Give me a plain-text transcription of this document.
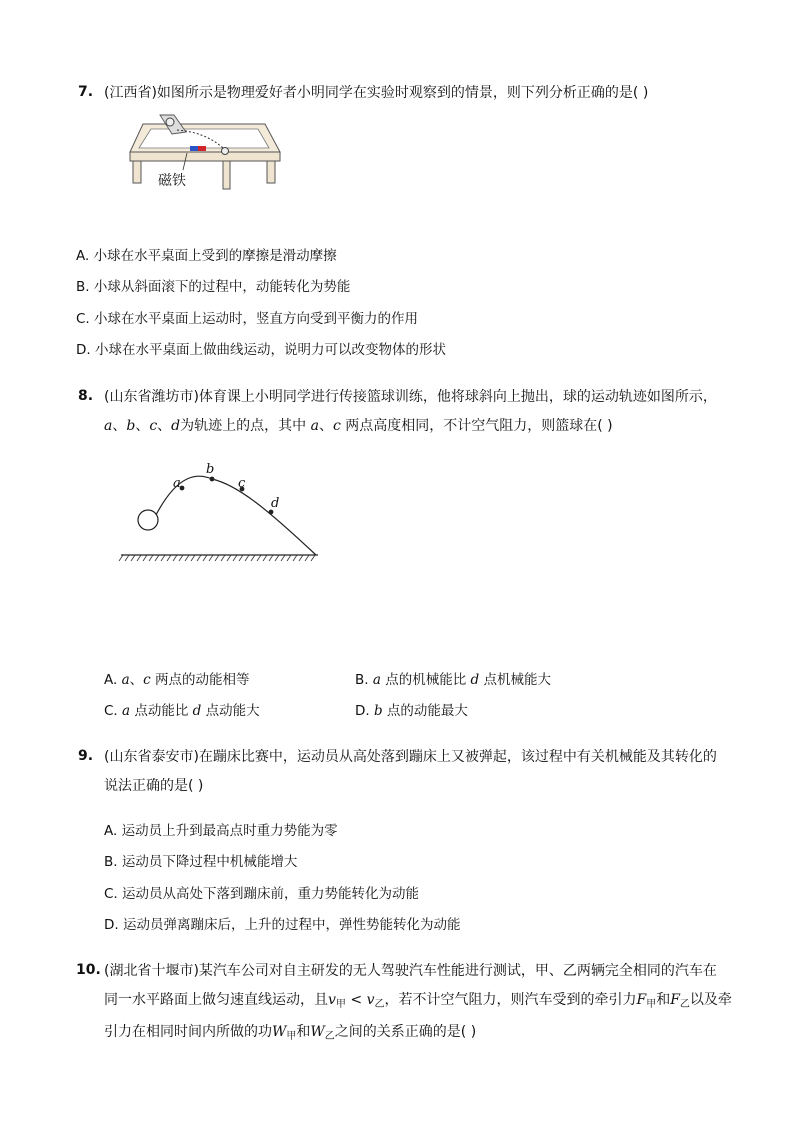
7. (江西省)如图所示是物理爱好者小明同学在实验时观察到的情景，则下列分析正确的是( )
磁铁
A. 小球在水平桌面上受到的摩擦是滑动摩擦
B. 小球从斜面滚下的过程中，动能转化为势能
C. 小球在水平桌面上运动时，竖直方向受到平衡力的作用
D. 小球在水平桌面上做曲线运动，说明力可以改变物体的形状
8. (山东省潍坊市)体育课上小明同学进行传接篮球训练，他将球斜向上抛出，球的运动轨迹如图所示，
a、b、c、d为轨迹上的点，其中 a、c 两点高度相同，不计空气阻力，则篮球在( )
a
b
c
d
A. a、c 两点的动能相等	B. a 点的机械能比 d 点机械能大
C. a 点动能比 d 点动能大	D. b 点的动能最大
9. (山东省泰安市)在蹦床比赛中，运动员从高处落到蹦床上又被弹起，该过程中有关机械能及其转化的
说法正确的是( )
A. 运动员上升到最高点时重力势能为零
B. 运动员下降过程中机械能增大
C. 运动员从高处下落到蹦床前，重力势能转化为动能
D. 运动员弹离蹦床后，上升的过程中，弹性势能转化为动能
10. (湖北省十堰市)某汽车公司对自主研发的无人驾驶汽车性能进行测试，甲、乙两辆完全相同的汽车在
同一水平路面上做匀速直线运动，且$v_甲 < v_乙$，若不计空气阻力，则汽车受到的牵引力$F_甲$和$F_乙$以及牵
引力在相同时间内所做的功$W_甲$和$W_乙$之间的关系正确的是( )
